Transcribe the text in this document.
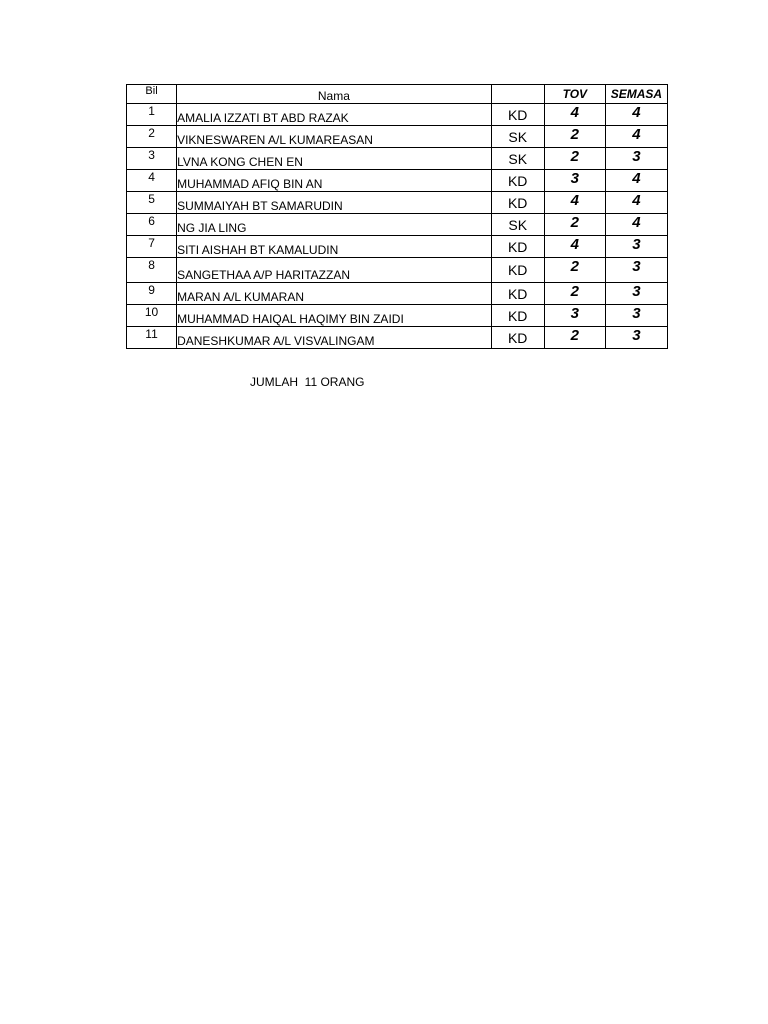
Bil	Nama		TOV	SEMASA
1	AMALIA IZZATI BT ABD RAZAK	KD	4	4
2	VIKNESWAREN A/L KUMAREASAN	SK	2	4
3	LVNA KONG CHEN EN	SK	2	3
4	MUHAMMAD AFIQ BIN AN	KD	3	4
5	SUMMAIYAH BT SAMARUDIN	KD	4	4
6	NG JIA LING	SK	2	4
7	SITI AISHAH BT KAMALUDIN	KD	4	3
8	SANGETHAA A/P HARITAZZAN	KD	2	3
9	MARAN A/L KUMARAN	KD	2	3
10	MUHAMMAD HAIQAL HAQIMY BIN ZAIDI	KD	3	3
11	DANESHKUMAR A/L VISVALINGAM	KD	2	3
JUMLAH  11 ORANG
